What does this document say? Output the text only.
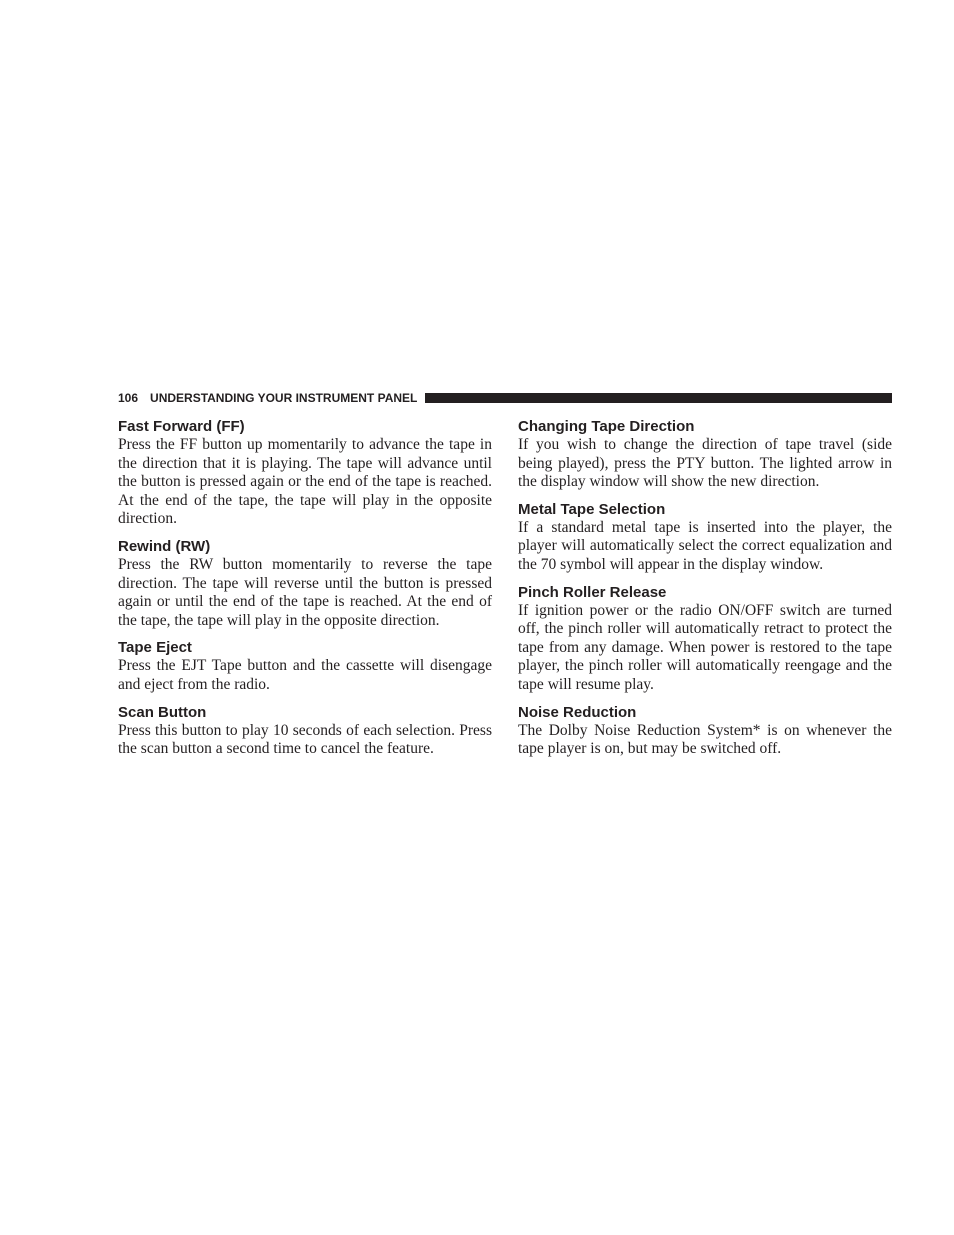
106 UNDERSTANDING YOUR INSTRUMENT PANEL
Fast Forward (FF)

Press the FF button up momentarily to advance the tape in the direction that it is playing. The tape will advance until the button is pressed again or the end of the tape is reached. At the end of the tape, the tape will play in the opposite direction.

Rewind (RW)

Press the RW button momentarily to reverse the tape direction. The tape will reverse until the button is pressed again or until the end of the tape is reached. At the end of the tape, the tape will play in the opposite direction.

Tape Eject

Press the EJT Tape button and the cassette will disengage and eject from the radio.

Scan Button

Press this button to play 10 seconds of each selection. Press the scan button a second time to cancel the feature.

Changing Tape Direction

If you wish to change the direction of tape travel (side being played), press the PTY button. The lighted arrow in the display window will show the new direction.

Metal Tape Selection

If a standard metal tape is inserted into the player, the player will automatically select the correct equalization and the 70 symbol will appear in the display window.

Pinch Roller Release

If ignition power or the radio ON/OFF switch are turned off, the pinch roller will automatically retract to protect the tape from any damage. When power is restored to the tape player, the pinch roller will automatically reengage and the tape will resume play.

Noise Reduction

The Dolby Noise Reduction System* is on whenever the tape player is on, but may be switched off.
